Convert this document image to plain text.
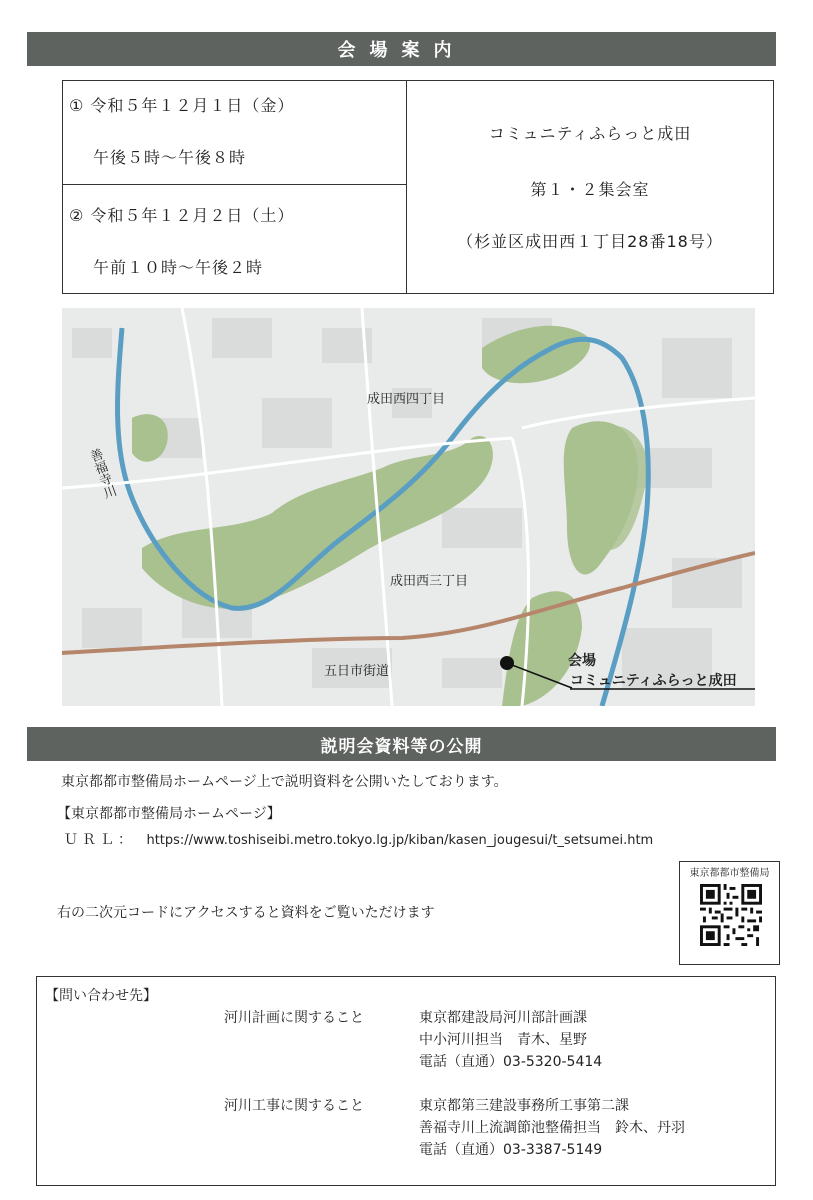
会場案内
① 令和５年１２月１日（金）
午後５時～午後８時
② 令和５年１２月２日（土）
午前１０時～午後２時
コミュニティふらっと成田
第１・２集会室
（杉並区成田西１丁目28番18号）
成田西四丁目
成田西三丁目
善福寺川
五日市街道
会場
コミュニティふらっと成田
説明会資料等の公開
東京都都市整備局ホームページ上で説明資料を公開いたしております。
【東京都都市整備局ホームページ】
ＵＲＬ： https://www.toshiseibi.metro.tokyo.lg.jp/kiban/kasen_jougesui/t_setsumei.htm
右の二次元コードにアクセスすると資料をご覧いただけます
東京都都市整備局
【問い合わせ先】
河川計画に関すること	東京都建設局河川部計画課
中小河川担当　青木、星野
電話（直通）03-5320-5414
河川工事に関すること	東京都第三建設事務所工事第二課
善福寺川上流調節池整備担当　鈴木、丹羽
電話（直通）03-3387-5149
